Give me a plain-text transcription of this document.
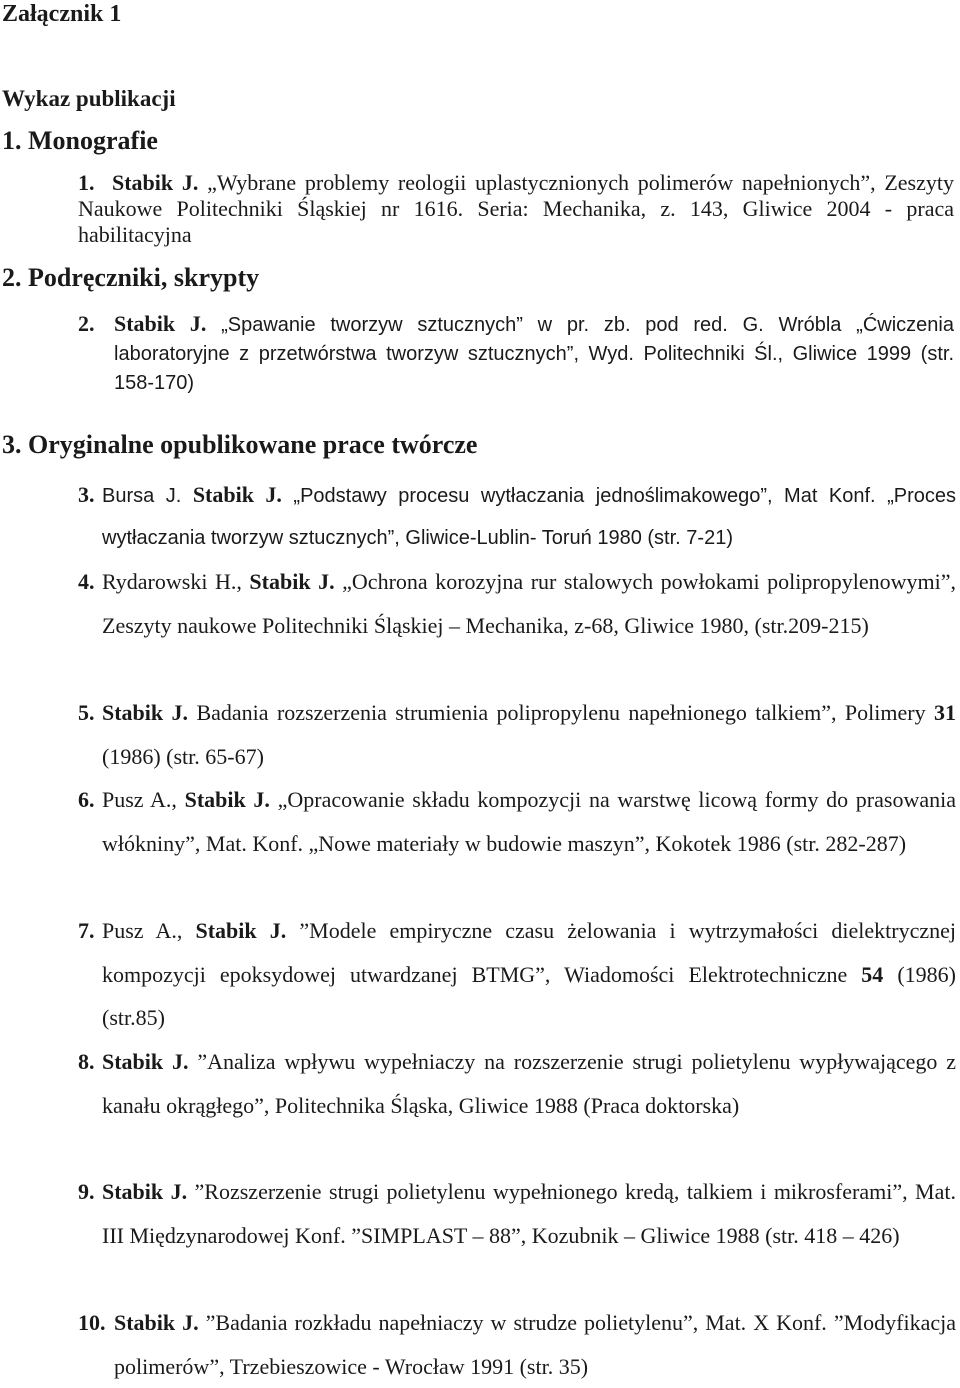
Załącznik 1
Wykaz publikacji
1. Monografie
1. Stabik J. „Wybrane problemy reologii uplastycznionych polimerów napełnionych”, Zeszyty Naukowe Politechniki Śląskiej nr 1616. Seria: Mechanika, z. 143, Gliwice 2004 - praca habilitacyjna
2. Podręczniki, skrypty
2. Stabik J. „Spawanie tworzyw sztucznych” w pr. zb. pod red. G. Wróbla „Ćwiczenia laboratoryjne z przetwórstwa tworzyw sztucznych”, Wyd. Politechniki Śl., Gliwice 1999 (str. 158-170)
3. Oryginalne opublikowane prace twórcze
3. Bursa J. Stabik J. „Podstawy procesu wytłaczania jednoślimakowego”, Mat Konf. „Proces wytłaczania tworzyw sztucznych”, Gliwice-Lublin- Toruń 1980 (str. 7-21)
4. Rydarowski H., Stabik J. „Ochrona korozyjna rur stalowych powłokami polipropylenowymi”, Zeszyty naukowe Politechniki Śląskiej – Mechanika, z-68, Gliwice 1980, (str.209-215)
5. Stabik J. Badania rozszerzenia strumienia polipropylenu napełnionego talkiem”, Polimery 31 (1986) (str. 65-67)
6. Pusz A., Stabik J. „Opracowanie składu kompozycji na warstwę licową formy do prasowania włókniny”, Mat. Konf. „Nowe materiały w budowie maszyn”, Kokotek 1986 (str. 282-287)
7. Pusz A., Stabik J. ”Modele empiryczne czasu żelowania i wytrzymałości dielektrycznej kompozycji epoksydowej utwardzanej BTMG”, Wiadomości Elektrotechniczne 54 (1986) (str.85)
8. Stabik J. ”Analiza wpływu wypełniaczy na rozszerzenie strugi polietylenu wypływającego z kanału okrągłego”, Politechnika Śląska, Gliwice 1988 (Praca doktorska)
9. Stabik J. ”Rozszerzenie strugi polietylenu wypełnionego kredą, talkiem i mikrosferami”, Mat. III Międzynarodowej Konf. ”SIMPLAST – 88”, Kozubnik – Gliwice 1988 (str. 418 – 426)
10. Stabik J. ”Badania rozkładu napełniaczy w strudze polietylenu”, Mat. X Konf. ”Modyfikacja polimerów”, Trzebieszowice - Wrocław 1991 (str. 35)
